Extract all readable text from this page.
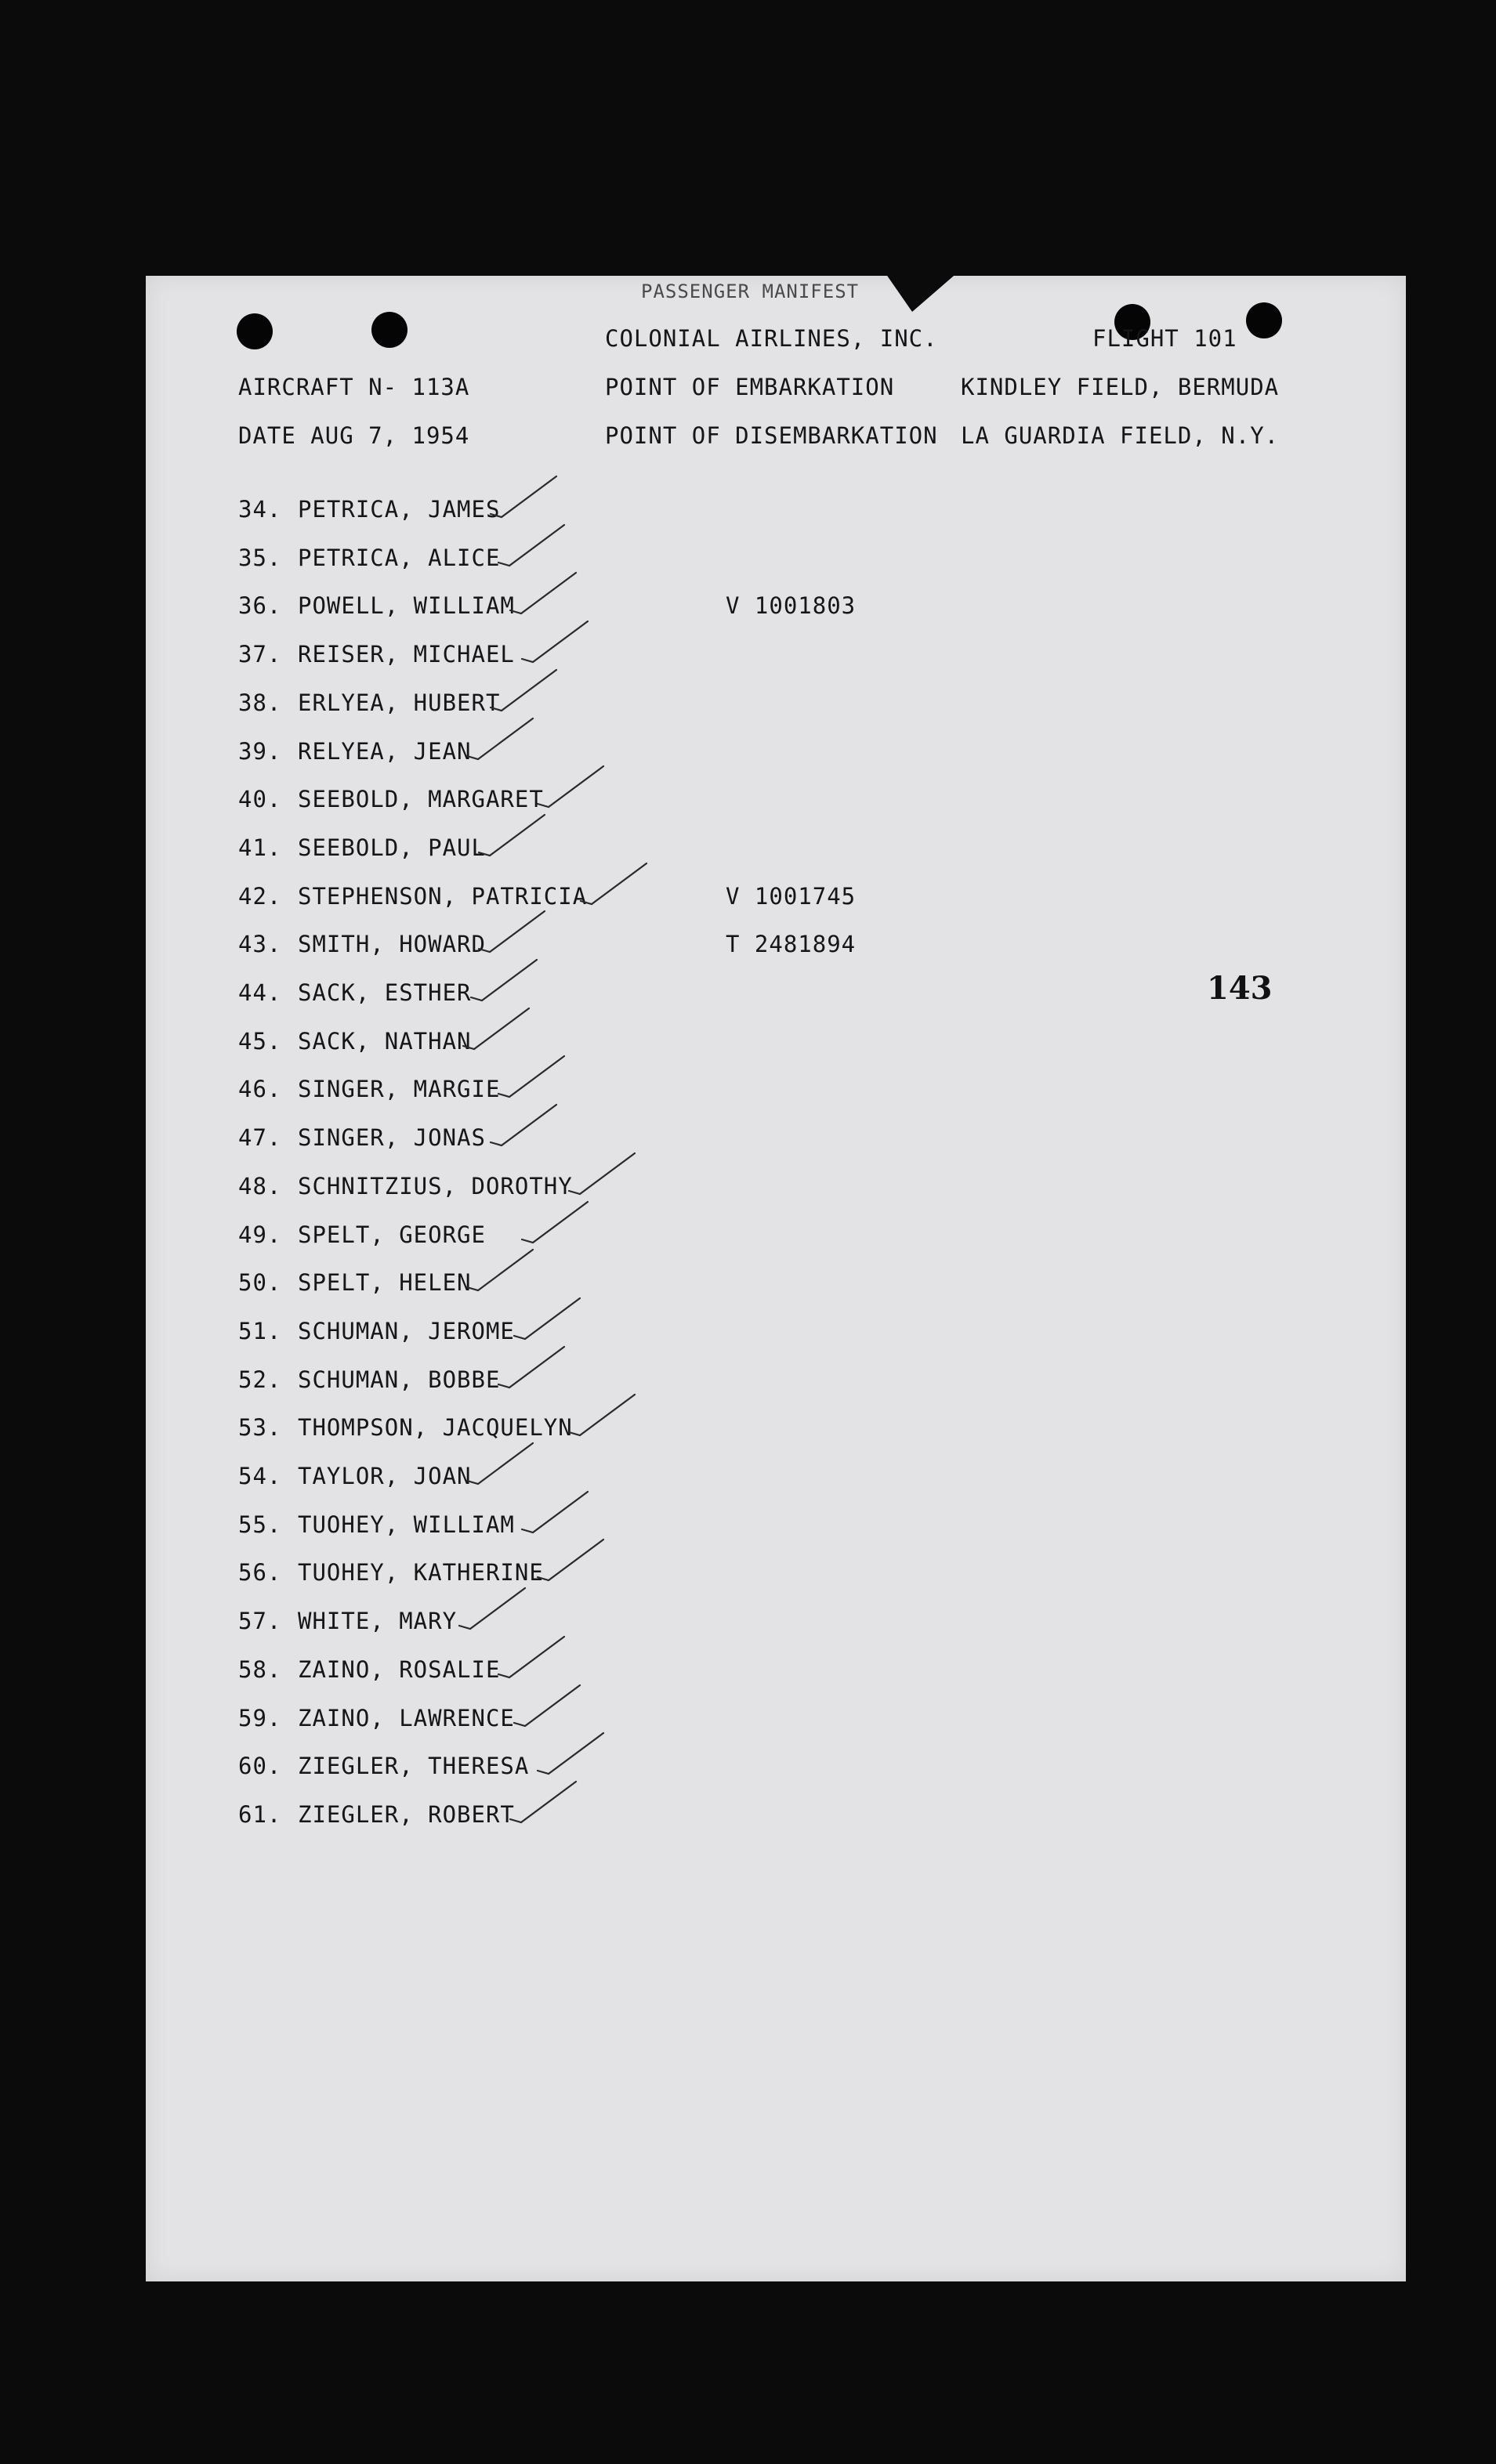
PASSENGER MANIFEST
COLONIAL AIRLINES, INC.	FLIGHT 101
AIRCRAFT N- 113A	POINT OF EMBARKATION	KINDLEY FIELD, BERMUDA
DATE AUG 7, 1954	POINT OF DISEMBARKATION LA GUARDIA FIELD, N.Y.
34. PETRICA, JAMES
35. PETRICA, ALICE
36. POWELL, WILLIAM	V 1001803
37. REISER, MICHAEL
38. ERLYEA, HUBERT
39. RELYEA, JEAN
40. SEEBOLD, MARGARET
41. SEEBOLD, PAUL
42. STEPHENSON, PATRICIA	V 1001745
43. SMITH, HOWARD	T 2481894
44. SACK, ESTHER
45. SACK, NATHAN
46. SINGER, MARGIE
47. SINGER, JONAS
48. SCHNITZIUS, DOROTHY
49. SPELT, GEORGE
50. SPELT, HELEN
51. SCHUMAN, JEROME
52. SCHUMAN, BOBBE
53. THOMPSON, JACQUELYN
54. TAYLOR, JOAN
55. TUOHEY, WILLIAM
56. TUOHEY, KATHERINE
57. WHITE, MARY
58. ZAINO, ROSALIE
59. ZAINO, LAWRENCE
60. ZIEGLER, THERESA
61. ZIEGLER, ROBERT
143
